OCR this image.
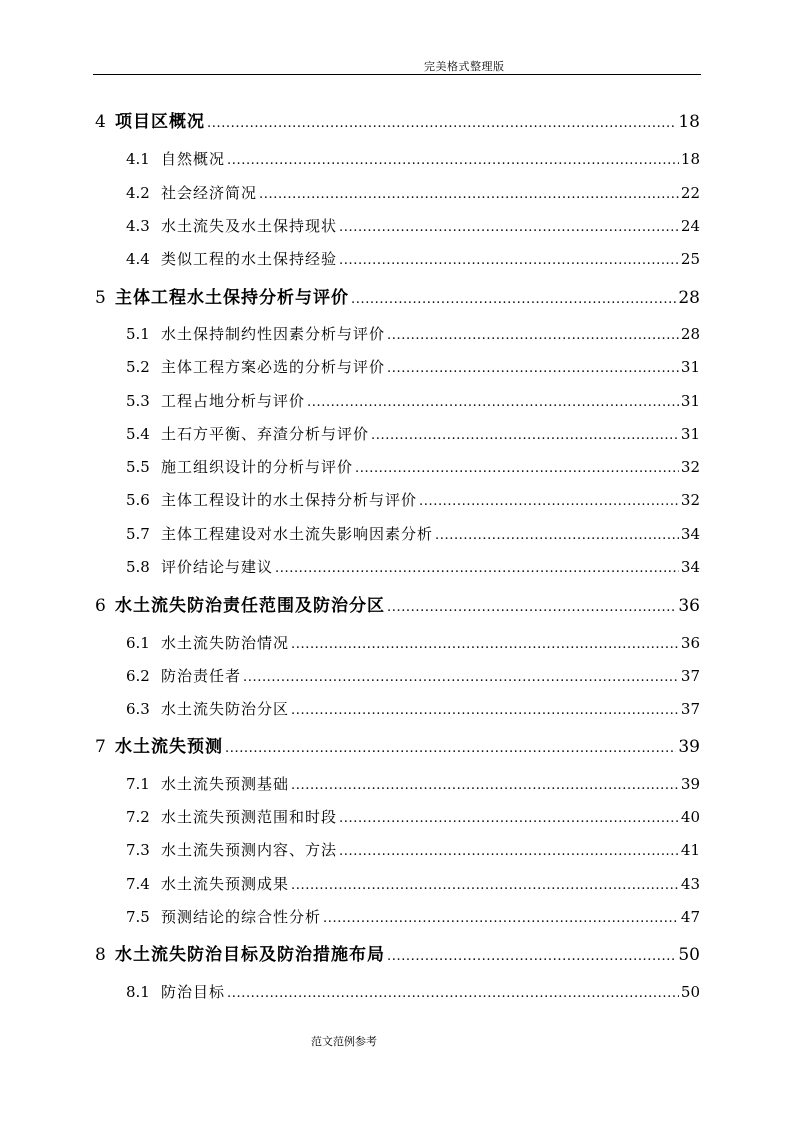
完美格式整理版
4 项目区概况 .....	18
4.1 自然概况 .....	18
4.2 社会经济简况 .....	22
4.3 水土流失及水土保持现状 .....	24
4.4 类似工程的水土保持经验 .....	25
5 主体工程水土保持分析与评价 .....	28
5.1 水土保持制约性因素分析与评价 .....	28
5.2 主体工程方案必选的分析与评价 .....	31
5.3 工程占地分析与评价 .....	31
5.4 土石方平衡、弃渣分析与评价 .....	31
5.5 施工组织设计的分析与评价 .....	32
5.6 主体工程设计的水土保持分析与评价 .....	32
5.7 主体工程建设对水土流失影响因素分析 .....	34
5.8 评价结论与建议 .....	34
6 水土流失防治责任范围及防治分区 .....	36
6.1 水土流失防治情况 .....	36
6.2 防治责任者 .....	37
6.3 水土流失防治分区 .....	37
7 水土流失预测 .....	39
7.1 水土流失预测基础 .....	39
7.2 水土流失预测范围和时段 .....	40
7.3 水土流失预测内容、方法 .....	41
7.4 水土流失预测成果 .....	43
7.5 预测结论的综合性分析 .....	47
8 水土流失防治目标及防治措施布局 .....	50
8.1 防治目标 .....	50
范文范例参考
